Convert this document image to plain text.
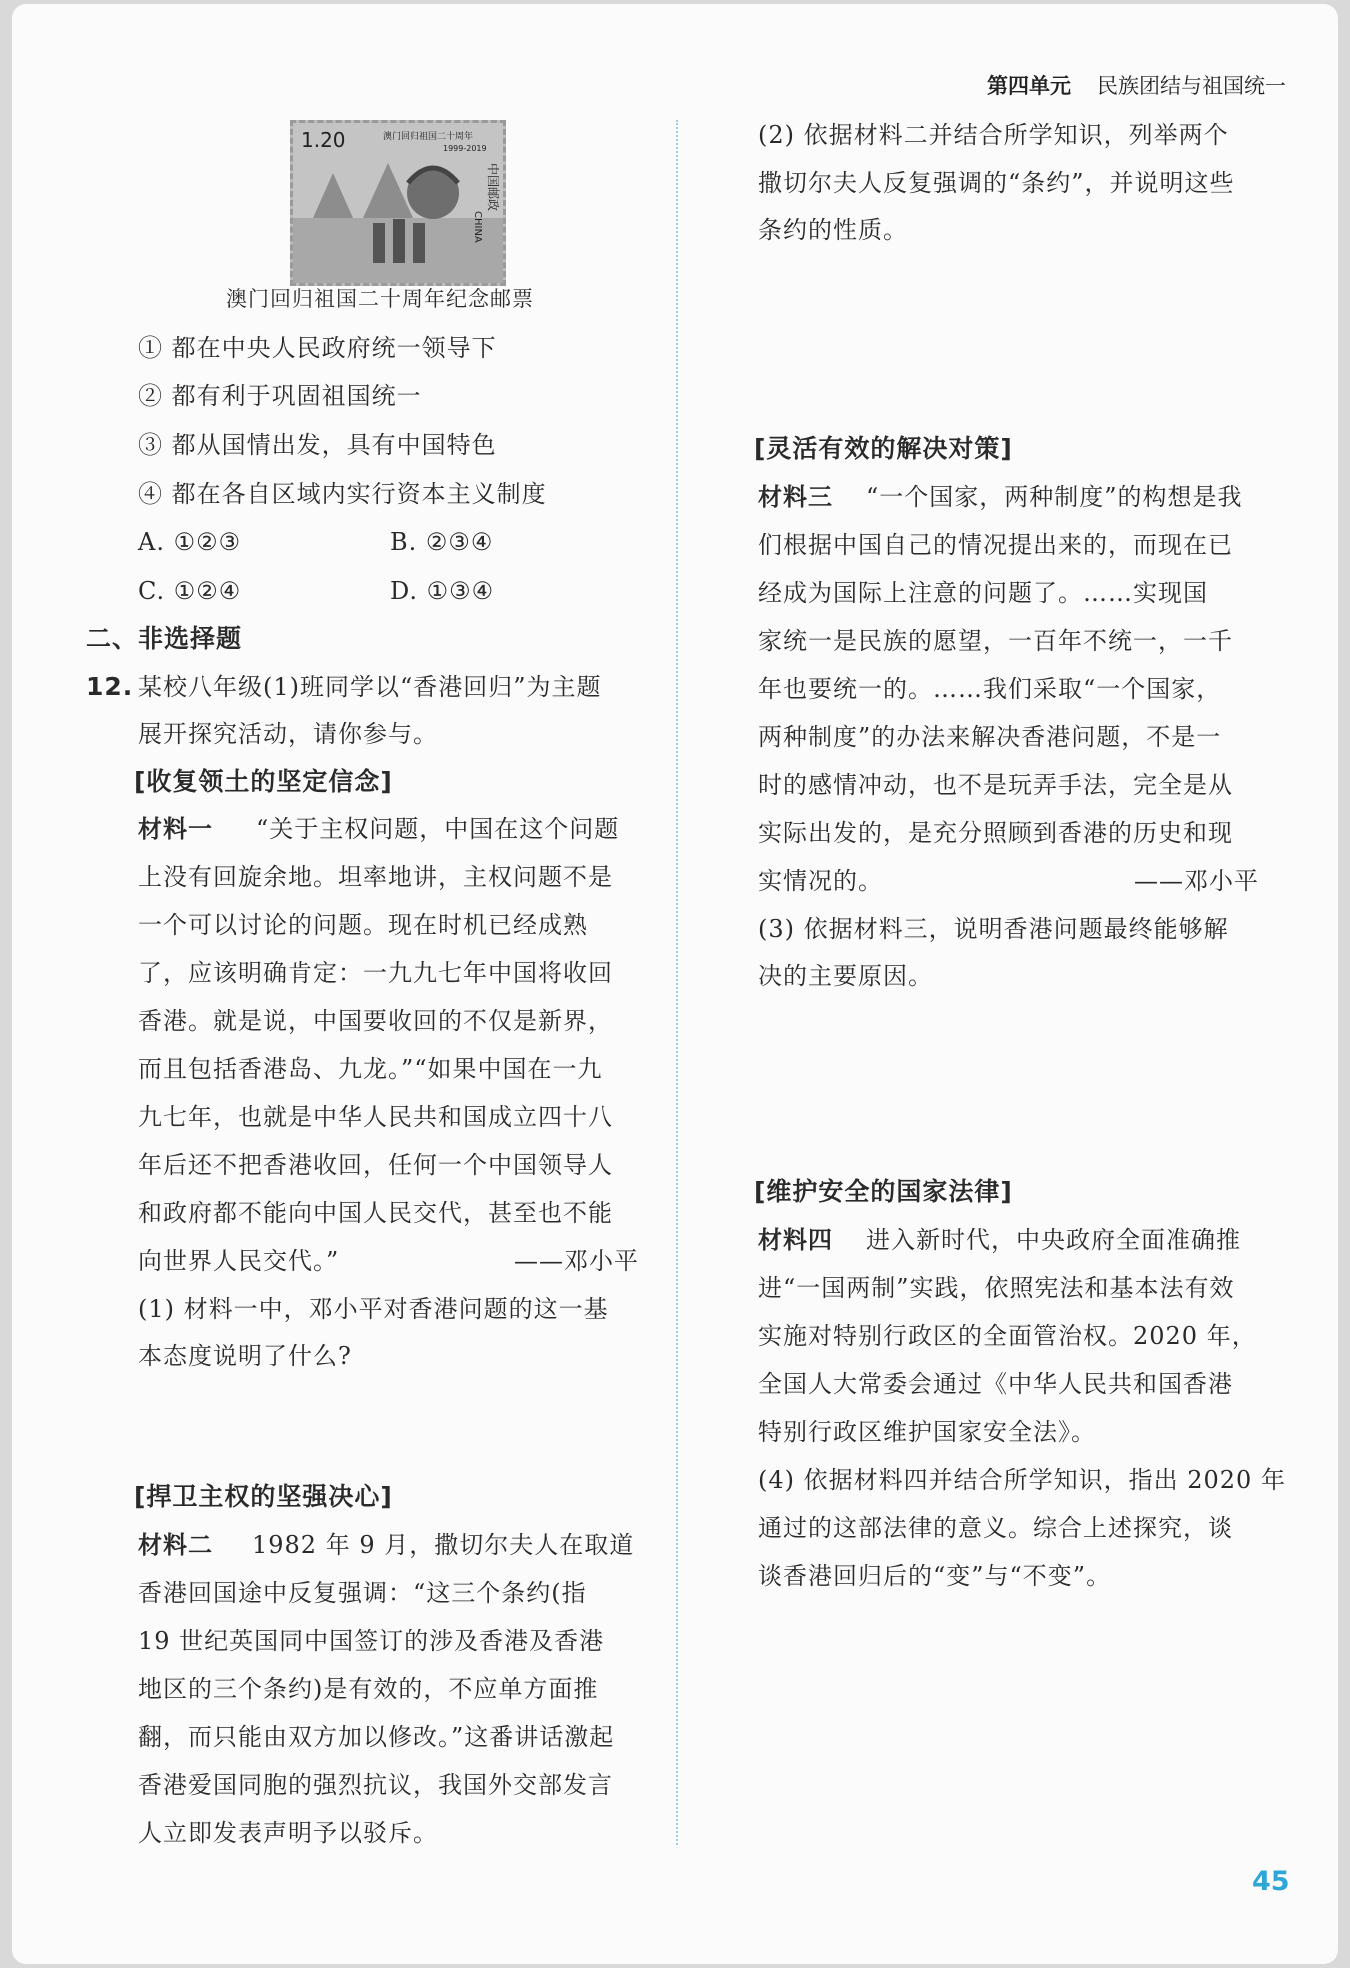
第四单元 民族团结与祖国统一
1.20	澳门回归祖国二十周年
1999-2019
中国邮政
CHINA
澳门回归祖国二十周年纪念邮票
① 都在中央人民政府统一领导下
② 都有利于巩固祖国统一
③ 都从国情出发，具有中国特色
④ 都在各自区域内实行资本主义制度
A. ①②③	B. ②③④
C. ①②④	D. ①③④
二、非选择题
12. 某校八年级(1)班同学以“香港回归”为主题
展开探究活动，请你参与。
[收复领土的坚定信念]
材料一 “关于主权问题，中国在这个问题
上没有回旋余地。坦率地讲，主权问题不是
一个可以讨论的问题。现在时机已经成熟
了，应该明确肯定：一九九七年中国将收回
香港。就是说，中国要收回的不仅是新界，
而且包括香港岛、九龙。”“如果中国在一九
九七年，也就是中华人民共和国成立四十八
年后还不把香港收回，任何一个中国领导人
和政府都不能向中国人民交代，甚至也不能
向世界人民交代。”	——邓小平
(1) 材料一中，邓小平对香港问题的这一基
本态度说明了什么?
[捍卫主权的坚强决心]
材料二 1982 年 9 月，撒切尔夫人在取道
香港回国途中反复强调：“这三个条约(指
19 世纪英国同中国签订的涉及香港及香港
地区的三个条约)是有效的，不应单方面推
翻，而只能由双方加以修改。”这番讲话激起
香港爱国同胞的强烈抗议，我国外交部发言
人立即发表声明予以驳斥。
(2) 依据材料二并结合所学知识，列举两个
撒切尔夫人反复强调的“条约”，并说明这些
条约的性质。
[灵活有效的解决对策]
材料三 “一个国家，两种制度”的构想是我
们根据中国自己的情况提出来的，而现在已
经成为国际上注意的问题了。……实现国
家统一是民族的愿望，一百年不统一，一千
年也要统一的。……我们采取“一个国家，
两种制度”的办法来解决香港问题，不是一
时的感情冲动，也不是玩弄手法，完全是从
实际出发的，是充分照顾到香港的历史和现
实情况的。	——邓小平
(3) 依据材料三，说明香港问题最终能够解
决的主要原因。
[维护安全的国家法律]
材料四 进入新时代，中央政府全面准确推
进“一国两制”实践，依照宪法和基本法有效
实施对特别行政区的全面管治权。2020 年，
全国人大常委会通过《中华人民共和国香港
特别行政区维护国家安全法》。
(4) 依据材料四并结合所学知识，指出 2020 年
通过的这部法律的意义。综合上述探究，谈
谈香港回归后的“变”与“不变”。
45
